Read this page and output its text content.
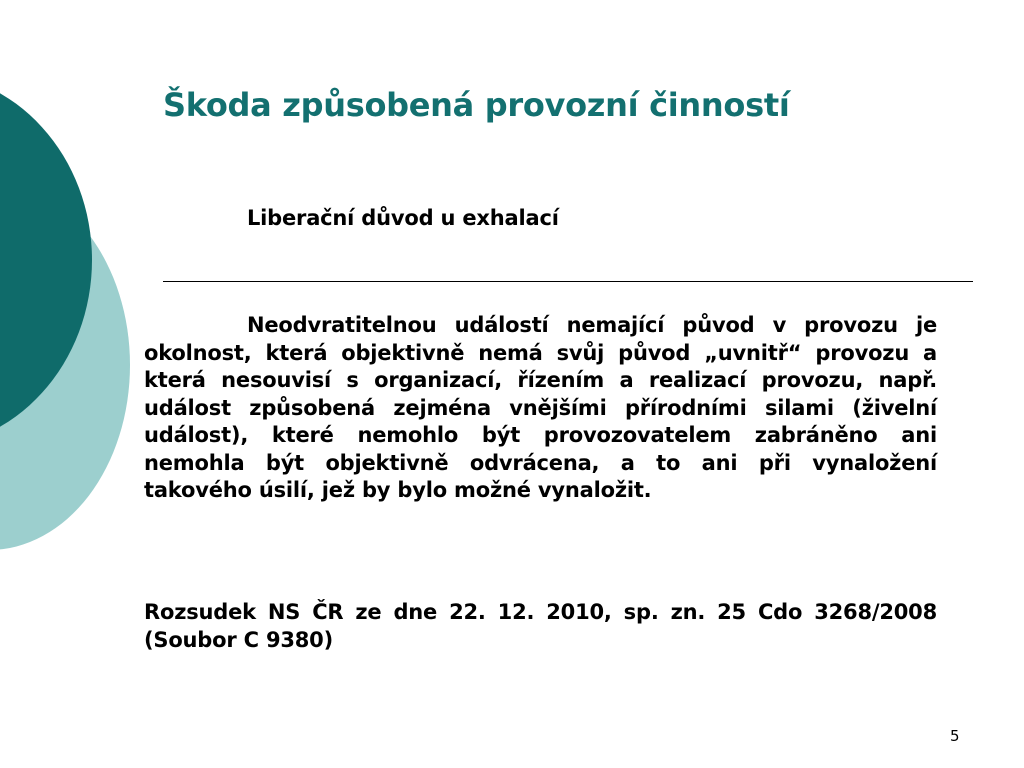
Škoda způsobená provozní činností

Liberační důvod u exhalací

Neodvratitelnou událostí nemající původ v provozu je okolnost, která objektivně nemá svůj původ „uvnitř“ provozu a která nesouvisí s organizací, řízením a realizací provozu, např. událost způsobená zejména vnějšími přírodními silami (živelní událost), které nemohlo být provozovatelem zabráněno ani nemohla být objektivně odvrácena, a to ani při vynaložení takového úsilí, jež by bylo možné vynaložit.

Rozsudek NS ČR ze dne 22. 12. 2010, sp. zn. 25 Cdo 3268/2008 (Soubor C 9380)

5
